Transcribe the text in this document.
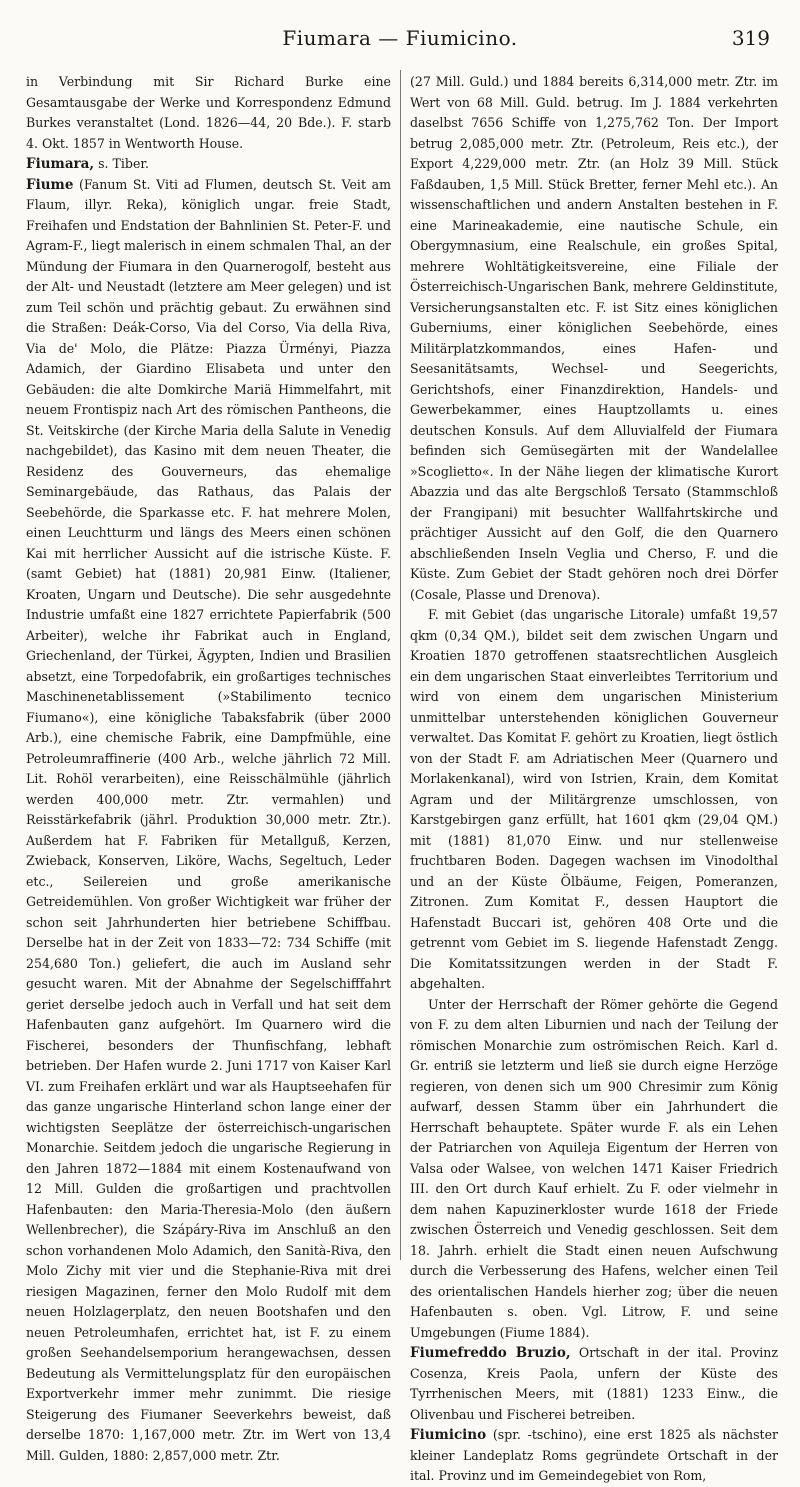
Fiumara — Fiumicino.	319

in Verbindung mit Sir Richard Burke eine Gesamtausgabe der Werke und Korrespondenz Edmund Burkes veranstaltet (Lond. 1826—44, 20 Bde.). F. starb 4. Okt. 1857 in Wentworth House.

Fiumara, s. Tiber.

Fiume (Fanum St. Viti ad Flumen, deutsch St. Veit am Flaum, illyr. Reka), königlich ungar. freie Stadt, Freihafen und Endstation der Bahnlinien St. Peter-F. und Agram-F., liegt malerisch in einem schmalen Thal, an der Mündung der Fiumara in den Quarnerogolf, besteht aus der Alt- und Neustadt (letztere am Meer gelegen) und ist zum Teil schön und prächtig gebaut. Zu erwähnen sind die Straßen: Deák-Corso, Via del Corso, Via della Riva, Via de' Molo, die Plätze: Piazza Ürményi, Piazza Adamich, der Giardino Elisabeta und unter den Gebäuden: die alte Domkirche Mariä Himmelfahrt, mit neuem Frontispiz nach Art des römischen Pantheons, die St. Veitskirche (der Kirche Maria della Salute in Venedig nachgebildet), das Kasino mit dem neuen Theater, die Residenz des Gouverneurs, das ehemalige Seminargebäude, das Rathaus, das Palais der Seebehörde, die Sparkasse etc. F. hat mehrere Molen, einen Leuchtturm und längs des Meers einen schönen Kai mit herrlicher Aussicht auf die istrische Küste. F. (samt Gebiet) hat (1881) 20,981 Einw. (Italiener, Kroaten, Ungarn und Deutsche). Die sehr ausgedehnte Industrie umfaßt eine 1827 errichtete Papierfabrik (500 Arbeiter), welche ihr Fabrikat auch in England, Griechenland, der Türkei, Ägypten, Indien und Brasilien absetzt, eine Torpedofabrik, ein großartiges technisches Maschinenetablissement (»Stabilimento tecnico Fiumano«), eine königliche Tabaksfabrik (über 2000 Arb.), eine chemische Fabrik, eine Dampfmühle, eine Petroleumraffinerie (400 Arb., welche jährlich 72 Mill. Lit. Rohöl verarbeiten), eine Reisschälmühle (jährlich werden 400,000 metr. Ztr. vermahlen) und Reisstärkefabrik (jährl. Produktion 30,000 metr. Ztr.). Außerdem hat F. Fabriken für Metallguß, Kerzen, Zwieback, Konserven, Liköre, Wachs, Segeltuch, Leder etc., Seilereien und große amerikanische Getreidemühlen. Von großer Wichtigkeit war früher der schon seit Jahrhunderten hier betriebene Schiffbau. Derselbe hat in der Zeit von 1833—72: 734 Schiffe (mit 254,680 Ton.) geliefert, die auch im Ausland sehr gesucht waren. Mit der Abnahme der Segelschifffahrt geriet derselbe jedoch auch in Verfall und hat seit dem Hafenbauten ganz aufgehört. Im Quarnero wird die Fischerei, besonders der Thunfischfang, lebhaft betrieben. Der Hafen wurde 2. Juni 1717 von Kaiser Karl VI. zum Freihafen erklärt und war als Hauptseehafen für das ganze ungarische Hinterland schon lange einer der wichtigsten Seeplätze der österreichisch-ungarischen Monarchie. Seitdem jedoch die ungarische Regierung in den Jahren 1872—1884 mit einem Kostenaufwand von 12 Mill. Gulden die großartigen und prachtvollen Hafenbauten: den Maria-Theresia-Molo (den äußern Wellenbrecher), die Szápáry-Riva im Anschluß an den schon vorhandenen Molo Adamich, den Sanità-Riva, den Molo Zichy mit vier und die Stephanie-Riva mit drei riesigen Magazinen, ferner den Molo Rudolf mit dem neuen Holzlagerplatz, den neuen Bootshafen und den neuen Petroleumhafen, errichtet hat, ist F. zu einem großen Seehandelsemporium herangewachsen, dessen Bedeutung als Vermittelungsplatz für den europäischen Exportverkehr immer mehr zunimmt. Die riesige Steigerung des Fiumaner Seeverkehrs beweist, daß derselbe 1870: 1,167,000 metr. Ztr. im Wert von 13,4 Mill. Gulden, 1880: 2,857,000 metr. Ztr.

(27 Mill. Guld.) und 1884 bereits 6,314,000 metr. Ztr. im Wert von 68 Mill. Guld. betrug. Im J. 1884 verkehrten daselbst 7656 Schiffe von 1,275,762 Ton. Der Import betrug 2,085,000 metr. Ztr. (Petroleum, Reis etc.), der Export 4,229,000 metr. Ztr. (an Holz 39 Mill. Stück Faßdauben, 1,5 Mill. Stück Bretter, ferner Mehl etc.). An wissenschaftlichen und andern Anstalten bestehen in F. eine Marineakademie, eine nautische Schule, ein Obergymnasium, eine Realschule, ein großes Spital, mehrere Wohltätigkeitsvereine, eine Filiale der Österreichisch-Ungarischen Bank, mehrere Geldinstitute, Versicherungsanstalten etc. F. ist Sitz eines königlichen Guberniums, einer königlichen Seebehörde, eines Militärplatzkommandos, eines Hafen- und Seesanitätsamts, Wechsel- und Seegerichts, Gerichtshofs, einer Finanzdirektion, Handels- und Gewerbekammer, eines Hauptzollamts u. eines deutschen Konsuls. Auf dem Alluvialfeld der Fiumara befinden sich Gemüsegärten mit der Wandelallee »Scoglietto«. In der Nähe liegen der klimatische Kurort Abazzia und das alte Bergschloß Tersato (Stammschloß der Frangipani) mit besuchter Wallfahrtskirche und prächtiger Aussicht auf den Golf, die den Quarnero abschließenden Inseln Veglia und Cherso, F. und die Küste. Zum Gebiet der Stadt gehören noch drei Dörfer (Cosale, Plasse und Drenova).

F. mit Gebiet (das ungarische Litorale) umfaßt 19,57 qkm (0,34 QM.), bildet seit dem zwischen Ungarn und Kroatien 1870 getroffenen staatsrechtlichen Ausgleich ein dem ungarischen Staat einverleibtes Territorium und wird von einem dem ungarischen Ministerium unmittelbar unterstehenden königlichen Gouverneur verwaltet. Das Komitat F. gehört zu Kroatien, liegt östlich von der Stadt F. am Adriatischen Meer (Quarnero und Morlakenkanal), wird von Istrien, Krain, dem Komitat Agram und der Militärgrenze umschlossen, von Karstgebirgen ganz erfüllt, hat 1601 qkm (29,04 QM.) mit (1881) 81,070 Einw. und nur stellenweise fruchtbaren Boden. Dagegen wachsen im Vinodolthal und an der Küste Ölbäume, Feigen, Pomeranzen, Zitronen. Zum Komitat F., dessen Hauptort die Hafenstadt Buccari ist, gehören 408 Orte und die getrennt vom Gebiet im S. liegende Hafenstadt Zengg. Die Komitatssitzungen werden in der Stadt F. abgehalten.

Unter der Herrschaft der Römer gehörte die Gegend von F. zu dem alten Liburnien und nach der Teilung der römischen Monarchie zum oströmischen Reich. Karl d. Gr. entriß sie letzterm und ließ sie durch eigne Herzöge regieren, von denen sich um 900 Chresimir zum König aufwarf, dessen Stamm über ein Jahrhundert die Herrschaft behauptete. Später wurde F. als ein Lehen der Patriarchen von Aquileja Eigentum der Herren von Valsa oder Walsee, von welchen 1471 Kaiser Friedrich III. den Ort durch Kauf erhielt. Zu F. oder vielmehr in dem nahen Kapuzinerkloster wurde 1618 der Friede zwischen Österreich und Venedig geschlossen. Seit dem 18. Jahrh. erhielt die Stadt einen neuen Aufschwung durch die Verbesserung des Hafens, welcher einen Teil des orientalischen Handels hierher zog; über die neuen Hafenbauten s. oben. Vgl. Litrow, F. und seine Umgebungen (Fiume 1884).

Fiumefreddo Bruzio, Ortschaft in der ital. Provinz Cosenza, Kreis Paola, unfern der Küste des Tyrrhenischen Meers, mit (1881) 1233 Einw., die Olivenbau und Fischerei betreiben.

Fiumicino (spr. -tschino), eine erst 1825 als nächster kleiner Landeplatz Roms gegründete Ortschaft in der ital. Provinz und im Gemeindegebiet von Rom,
